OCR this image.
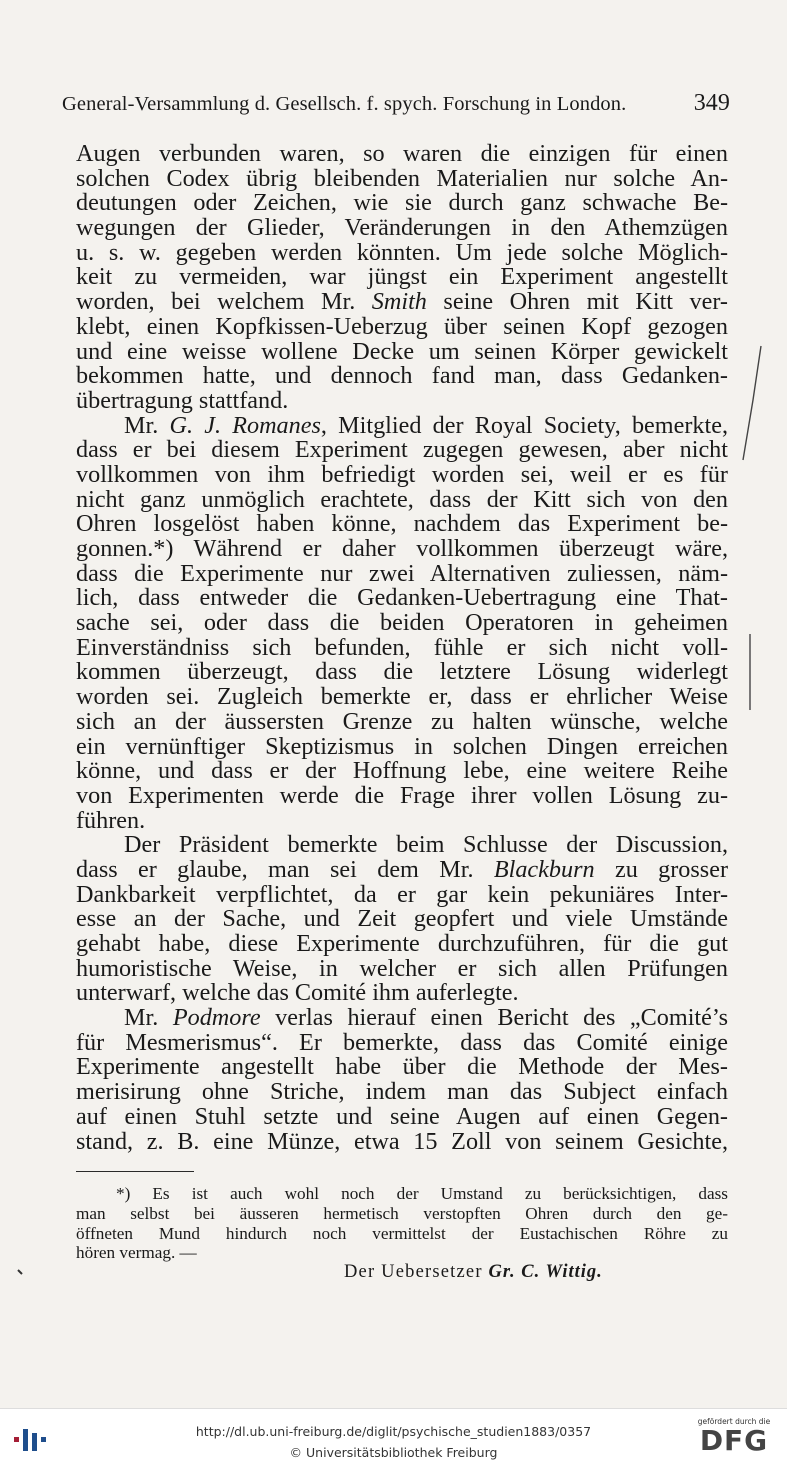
General-Versammlung d. Gesellsch. f. spych. Forschung in London.	349
Augen verbunden waren, so waren die einzigen für einen
solchen Codex übrig bleibenden Materialien nur solche An-
deutungen oder Zeichen, wie sie durch ganz schwache Be-
wegungen der Glieder, Veränderungen in den Athemzügen
u. s. w. gegeben werden könnten. Um jede solche Möglich-
keit zu vermeiden, war jüngst ein Experiment angestellt
worden, bei welchem Mr. Smith seine Ohren mit Kitt ver-
klebt, einen Kopfkissen-Ueberzug über seinen Kopf gezogen
und eine weisse wollene Decke um seinen Körper gewickelt
bekommen hatte, und dennoch fand man, dass Gedanken-
übertragung stattfand.
Mr. G. J. Romanes, Mitglied der Royal Society, bemerkte,
dass er bei diesem Experiment zugegen gewesen, aber nicht
vollkommen von ihm befriedigt worden sei, weil er es für
nicht ganz unmöglich erachtete, dass der Kitt sich von den
Ohren losgelöst haben könne, nachdem das Experiment be-
gonnen.*) Während er daher vollkommen überzeugt wäre,
dass die Experimente nur zwei Alternativen zuliessen, näm-
lich, dass entweder die Gedanken-Uebertragung eine That-
sache sei, oder dass die beiden Operatoren in geheimen
Einverständniss sich befunden, fühle er sich nicht voll-
kommen überzeugt, dass die letztere Lösung widerlegt
worden sei. Zugleich bemerkte er, dass er ehrlicher Weise
sich an der äussersten Grenze zu halten wünsche, welche
ein vernünftiger Skeptizismus in solchen Dingen erreichen
könne, und dass er der Hoffnung lebe, eine weitere Reihe
von Experimenten werde die Frage ihrer vollen Lösung zu-
führen.
Der Präsident bemerkte beim Schlusse der Discussion,
dass er glaube, man sei dem Mr. Blackburn zu grosser
Dankbarkeit verpflichtet, da er gar kein pekuniäres Inter-
esse an der Sache, und Zeit geopfert und viele Umstände
gehabt habe, diese Experimente durchzuführen, für die gut
humoristische Weise, in welcher er sich allen Prüfungen
unterwarf, welche das Comité ihm auferlegte.
Mr. Podmore verlas hierauf einen Bericht des „Comité’s
für Mesmerismus“. Er bemerkte, dass das Comité einige
Experimente angestellt habe über die Methode der Mes-
merisirung ohne Striche, indem man das Subject einfach
auf einen Stuhl setzte und seine Augen auf einen Gegen-
stand, z. B. eine Münze, etwa 15 Zoll von seinem Gesichte,
*) Es ist auch wohl noch der Umstand zu berücksichtigen, dass
man selbst bei äusseren hermetisch verstopften Ohren durch den ge-
öffneten Mund hindurch noch vermittelst der Eustachischen Röhre zu
hören vermag. —
Der Uebersetzer Gr. C. Wittig.
http://dl.ub.uni-freiburg.de/diglit/psychische_studien1883/0357
© Universitätsbibliothek Freiburg
gefördert durch die
DFG
